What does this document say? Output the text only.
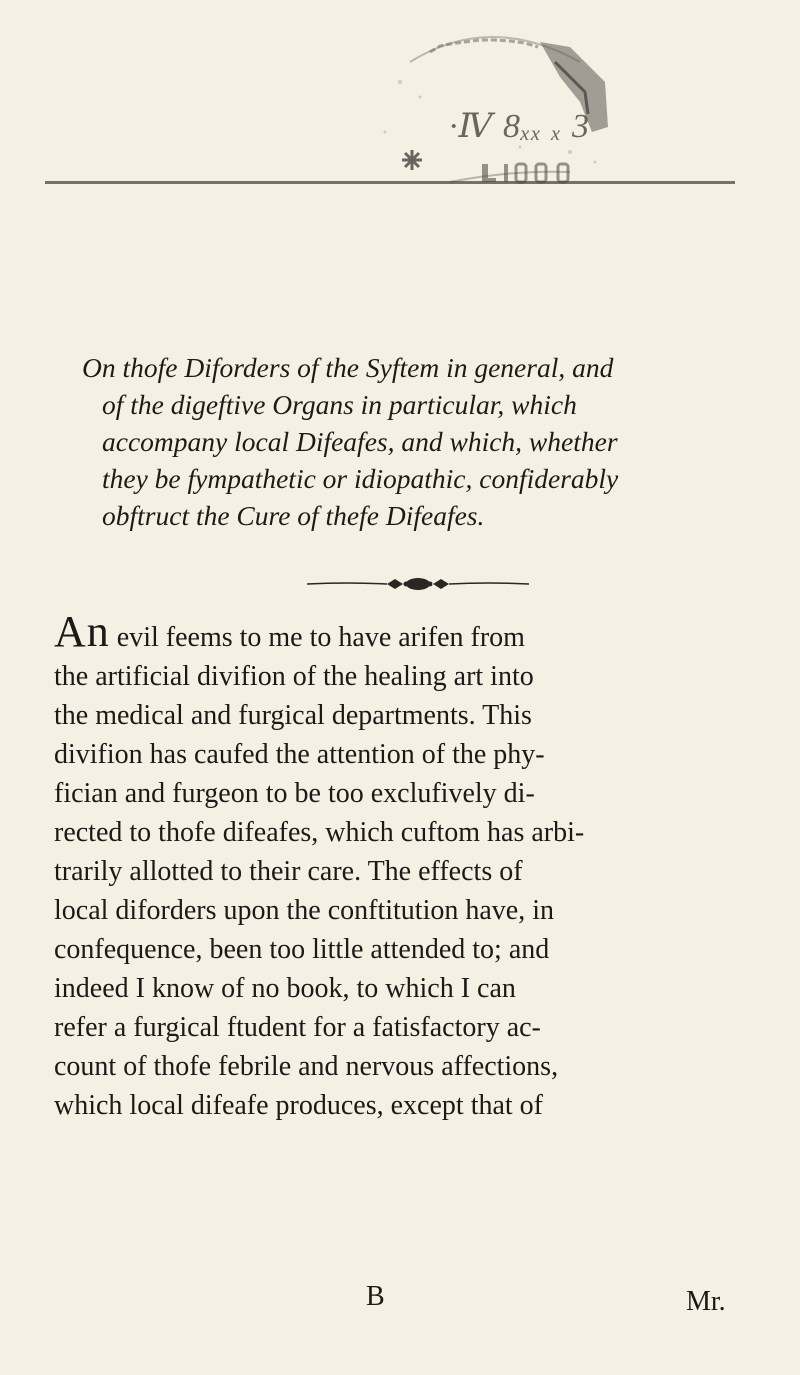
·Ⅳ 8ₓₓ ₓ 3
On thofe Diforders of the Syftem in general, and
of the digeftive Organs in particular, which
accompany local Difeafes, and which, whether
they be fympathetic or idiopathic, confiderably
obftruct the Cure of thefe Difeafes.
An evil feems to me to have arifen from
the artificial divifion of the healing art into
the medical and furgical departments. This
divifion has caufed the attention of the phy-
fician and furgeon to be too exclufively di-
rected to thofe difeafes, which cuftom has arbi-
trarily allotted to their care. The effects of
local diforders upon the conftitution have, in
confequence, been too little attended to; and
indeed I know of no book, to which I can
refer a furgical ftudent for a fatisfactory ac-
count of thofe febrile and nervous affections,
which local difeafe produces, except that of
B	Mr.
